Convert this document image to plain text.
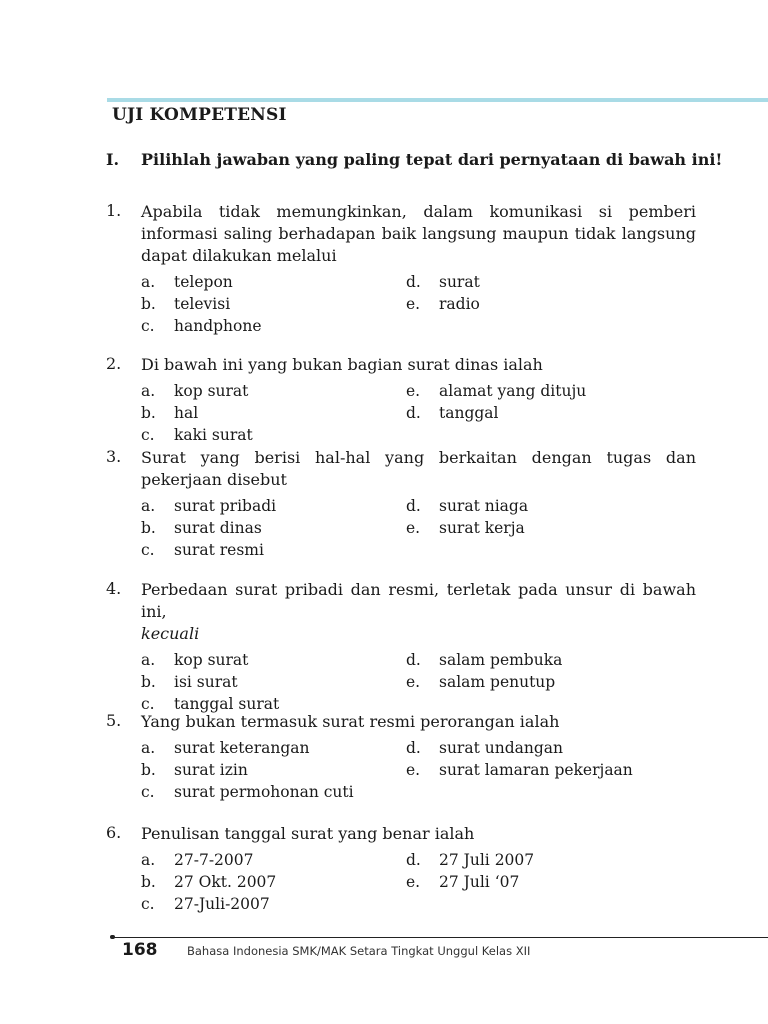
UJI KOMPETENSI
I. Pilihlah jawaban yang paling tepat dari pernyataan di bawah ini!
1. Apabila tidak memungkinkan, dalam komunikasi si pemberi informasi saling berhadapan baik langsung maupun tidak langsung dapat dilakukan melalui
a. telepon
b. televisi
c. handphone
d. surat
e. radio
2. Di bawah ini yang bukan bagian surat dinas ialah
a. kop surat
b. hal
c. kaki surat
e. alamat yang dituju
d. tanggal
3. Surat yang berisi hal-hal yang berkaitan dengan tugas dan pekerjaan disebut
a. surat pribadi
b. surat dinas
c. surat resmi
d. surat niaga
e. surat kerja
4. Perbedaan surat pribadi dan resmi, terletak pada unsur di bawah ini,
kecuali
a. kop surat
b. isi surat
c. tanggal surat
d. salam pembuka
e. salam penutup
5. Yang bukan termasuk surat resmi perorangan ialah
a. surat keterangan
b. surat izin
c. surat permohonan cuti
d. surat undangan
e. surat lamaran pekerjaan
6. Penulisan tanggal surat yang benar ialah
a. 27-7-2007
b. 27 Okt. 2007
c. 27-Juli-2007
d. 27 Juli 2007
e. 27 Juli ‘07
168	Bahasa Indonesia SMK/MAK Setara Tingkat Unggul Kelas XII
